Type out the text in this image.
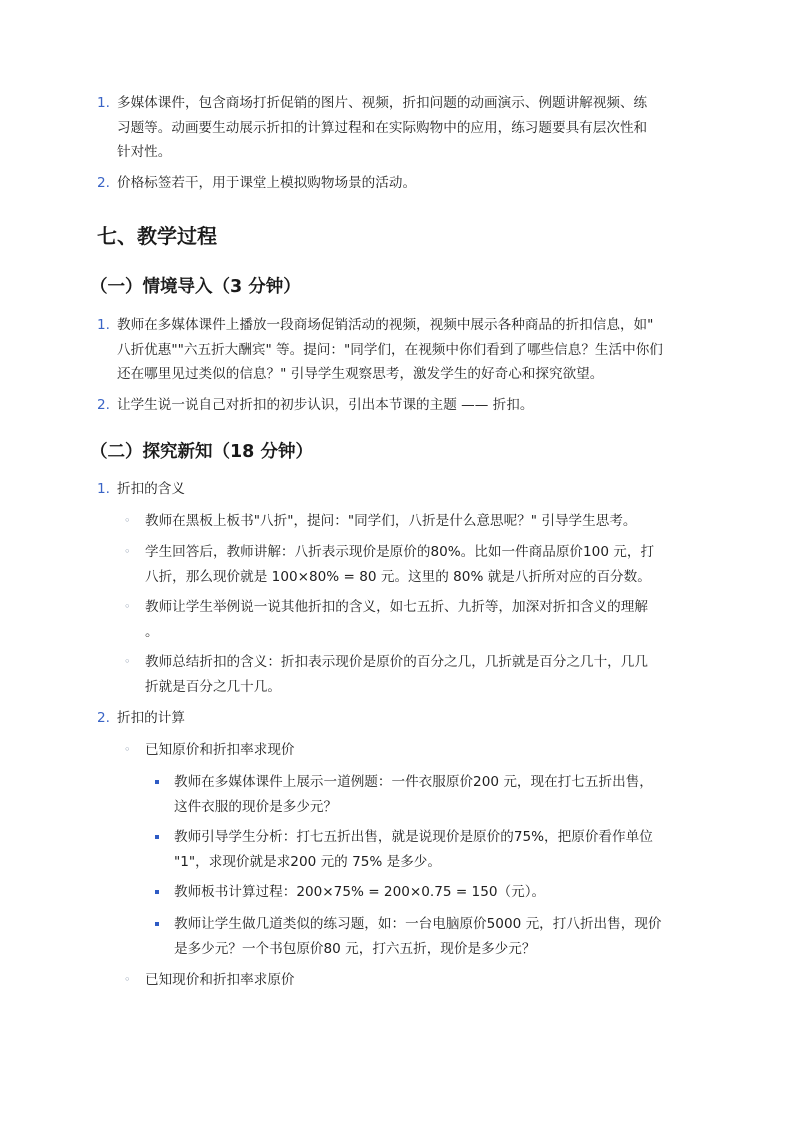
1. 多媒体课件，包含商场打折促销的图片、视频，折扣问题的动画演示、例题讲解视频、练
习题等。动画要生动展示折扣的计算过程和在实际购物中的应用，练习题要具有层次性和
针对性。
2. 价格标签若干，用于课堂上模拟购物场景的活动。
七、教学过程
（一）情境导入（3 分钟）
1. 教师在多媒体课件上播放一段商场促销活动的视频，视频中展示各种商品的折扣信息，如"
八折优惠""六五折大酬宾" 等。提问："同学们，在视频中你们看到了哪些信息？生活中你们
还在哪里见过类似的信息？" 引导学生观察思考，激发学生的好奇心和探究欲望。
2. 让学生说一说自己对折扣的初步认识，引出本节课的主题 —— 折扣。
（二）探究新知（18 分钟）
1. 折扣的含义
◦ 教师在黑板上板书"八折"，提问："同学们，八折是什么意思呢？" 引导学生思考。
◦ 学生回答后，教师讲解：八折表示现价是原价的80%。比如一件商品原价100 元，打
八折，那么现价就是 100×80% = 80 元。这里的 80% 就是八折所对应的百分数。
◦ 教师让学生举例说一说其他折扣的含义，如七五折、九折等，加深对折扣含义的理解
。
◦ 教师总结折扣的含义：折扣表示现价是原价的百分之几，几折就是百分之几十，几几
折就是百分之几十几。
2. 折扣的计算
◦ 已知原价和折扣率求现价
教师在多媒体课件上展示一道例题：一件衣服原价200 元，现在打七五折出售，
这件衣服的现价是多少元？
教师引导学生分析：打七五折出售，就是说现价是原价的75%，把原价看作单位
"1"，求现价就是求200 元的 75% 是多少。
教师板书计算过程：200×75% = 200×0.75 = 150（元）。
教师让学生做几道类似的练习题，如：一台电脑原价5000 元，打八折出售，现价
是多少元？一个书包原价80 元，打六五折，现价是多少元？
◦ 已知现价和折扣率求原价
